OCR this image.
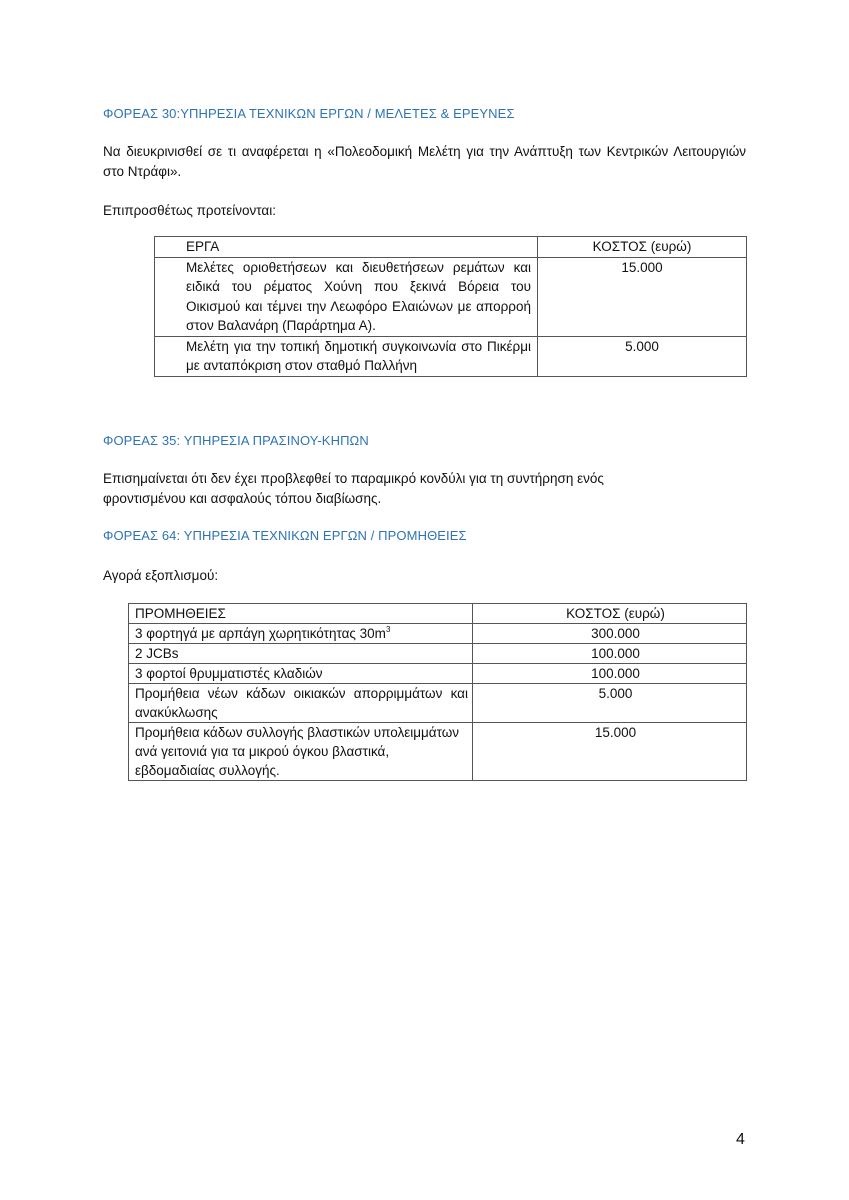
ΦΟΡΕΑΣ 30:ΥΠΗΡΕΣΙΑ ΤΕΧΝΙΚΩΝ ΕΡΓΩΝ / ΜΕΛΕΤΕΣ & ΕΡΕΥΝΕΣ
Να διευκρινισθεί σε τι αναφέρεται η «Πολεοδομική Μελέτη για την Ανάπτυξη των Κεντρικών Λειτουργιών στο Ντράφι».
Επιπροσθέτως προτείνονται:
ΕΡΓΑ	ΚΟΣΤΟΣ (ευρώ)
Μελέτες οριοθετήσεων και διευθετήσεων ρεμάτων και ειδικά του ρέματος Χούνη που ξεκινά Βόρεια του Οικισμού και τέμνει την Λεωφόρο Ελαιώνων με απορροή στον Βαλανάρη (Παράρτημα Α).	15.000
Μελέτη για την τοπική δημοτική συγκοινωνία στο Πικέρμι με ανταπόκριση στον σταθμό Παλλήνη	5.000
ΦΟΡΕΑΣ 35: ΥΠΗΡΕΣΙΑ ΠΡΑΣΙΝΟΥ-ΚΗΠΩΝ
Επισημαίνεται ότι δεν έχει προβλεφθεί το παραμικρό κονδύλι για τη συντήρηση ενός φροντισμένου και ασφαλούς τόπου διαβίωσης.
ΦΟΡΕΑΣ 64: ΥΠΗΡΕΣΙΑ ΤΕΧΝΙΚΩΝ ΕΡΓΩΝ / ΠΡΟΜΗΘΕΙΕΣ
Αγορά εξοπλισμού:
ΠΡΟΜΗΘΕΙΕΣ	ΚΟΣΤΟΣ (ευρώ)
3 φορτηγά με αρπάγη χωρητικότητας $30m^3$	300.000
2 JCBs	100.000
3 φορτοί θρυμματιστές κλαδιών	100.000
Προμήθεια νέων κάδων οικιακών απορριμμάτων και ανακύκλωσης	5.000
Προμήθεια κάδων συλλογής βλαστικών υπολειμμάτων ανά γειτονιά για τα μικρού όγκου βλαστικά, εβδομαδιαίας συλλογής.	15.000
4
